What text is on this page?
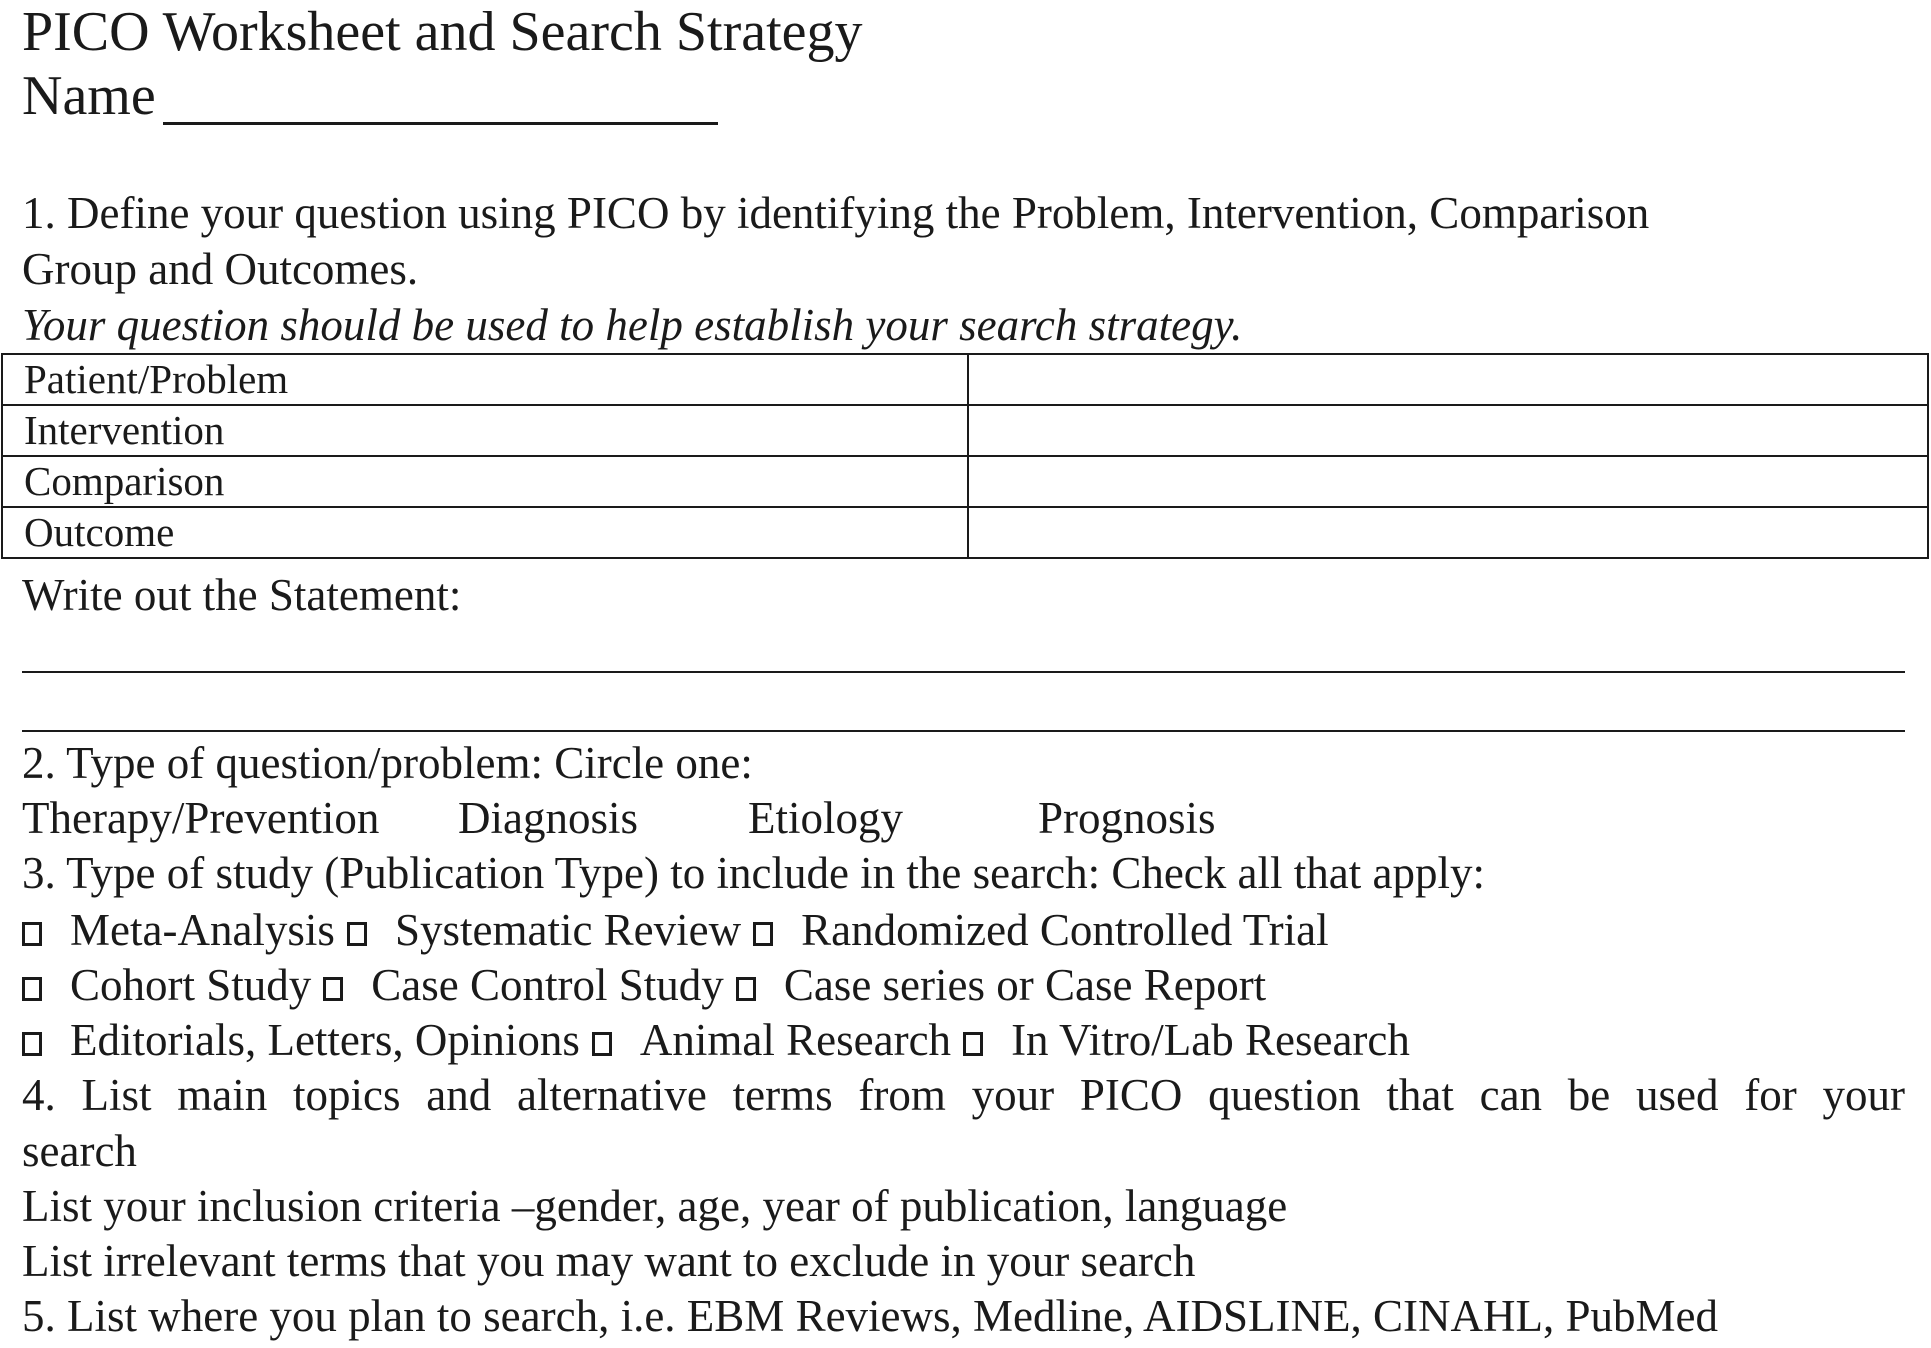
PICO Worksheet and Search Strategy
Name
1. Define your question using PICO by identifying the Problem, Intervention, Comparison
Group and Outcomes.
Your question should be used to help establish your search strategy.
Patient/Problem	
Intervention	
Comparison	
Outcome	
Write out the Statement:
2. Type of question/problem: Circle one:
Therapy/Prevention Diagnosis Etiology	Prognosis
3. Type of study (Publication Type) to include in the search: Check all that apply:
Meta-Analysis Systematic Review Randomized Controlled Trial
Cohort Study Case Control Study Case series or Case Report
Editorials, Letters, Opinions Animal Research In Vitro/Lab Research
4. List main topics and alternative terms from your PICO question that can be used for your
search
List your inclusion criteria –gender, age, year of publication, language
List irrelevant terms that you may want to exclude in your search
5. List where you plan to search, i.e. EBM Reviews, Medline, AIDSLINE, CINAHL, PubMed
